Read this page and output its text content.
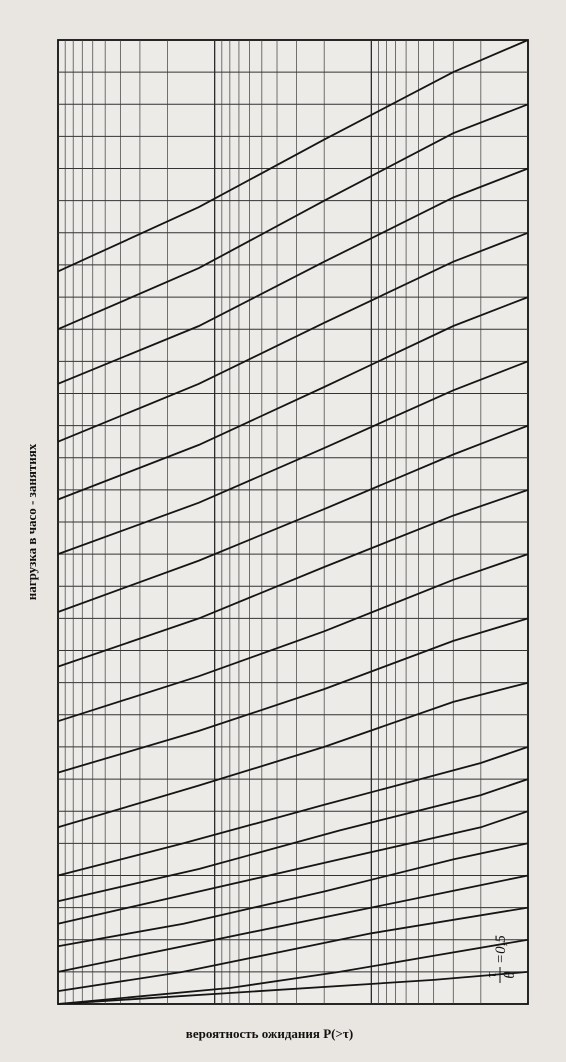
τ θ
=0,5
нагрузка в часо - занятиях
вероятность ожидания P(>τ)
